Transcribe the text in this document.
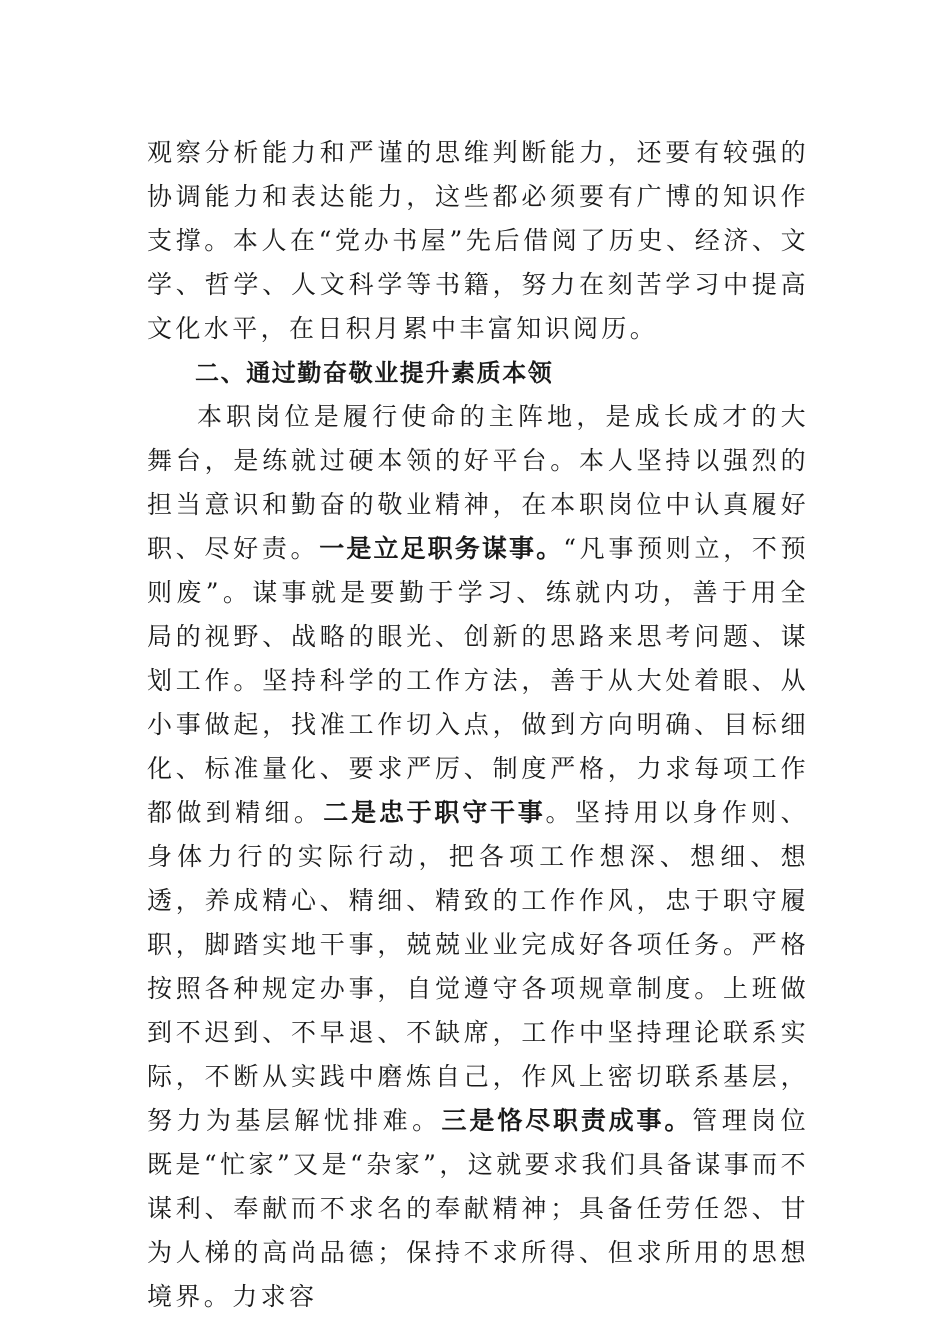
观察分析能力和严谨的思维判断能力，还要有较强的协调能力和表达能力，这些都必须要有广博的知识作支撑。本人在“党办书屋”先后借阅了历史、经济、文学、哲学、人文科学等书籍，努力在刻苦学习中提高文化水平，在日积月累中丰富知识阅历。

二、通过勤奋敬业提升素质本领

本职岗位是履行使命的主阵地，是成长成才的大舞台，是练就过硬本领的好平台。本人坚持以强烈的担当意识和勤奋的敬业精神，在本职岗位中认真履好职、尽好责。一是立足职务谋事。“凡事预则立，不预则废”。谋事就是要勤于学习、练就内功，善于用全局的视野、战略的眼光、创新的思路来思考问题、谋划工作。坚持科学的工作方法，善于从大处着眼、从小事做起，找准工作切入点，做到方向明确、目标细化、标准量化、要求严厉、制度严格，力求每项工作都做到精细。二是忠于职守干事。坚持用以身作则、身体力行的实际行动，把各项工作想深、想细、想透，养成精心、精细、精致的工作作风，忠于职守履职，脚踏实地干事，兢兢业业完成好各项任务。严格按照各种规定办事，自觉遵守各项规章制度。上班做到不迟到、不早退、不缺席，工作中坚持理论联系实际，不断从实践中磨炼自己，作风上密切联系基层，努力为基层解忧排难。三是恪尽职责成事。管理岗位既是“忙家”又是“杂家”，这就要求我们具备谋事而不谋利、奉献而不求名的奉献精神；具备任劳任怨、甘为人梯的高尚品德；保持不求所得、但求所用的思想境界。力求容
